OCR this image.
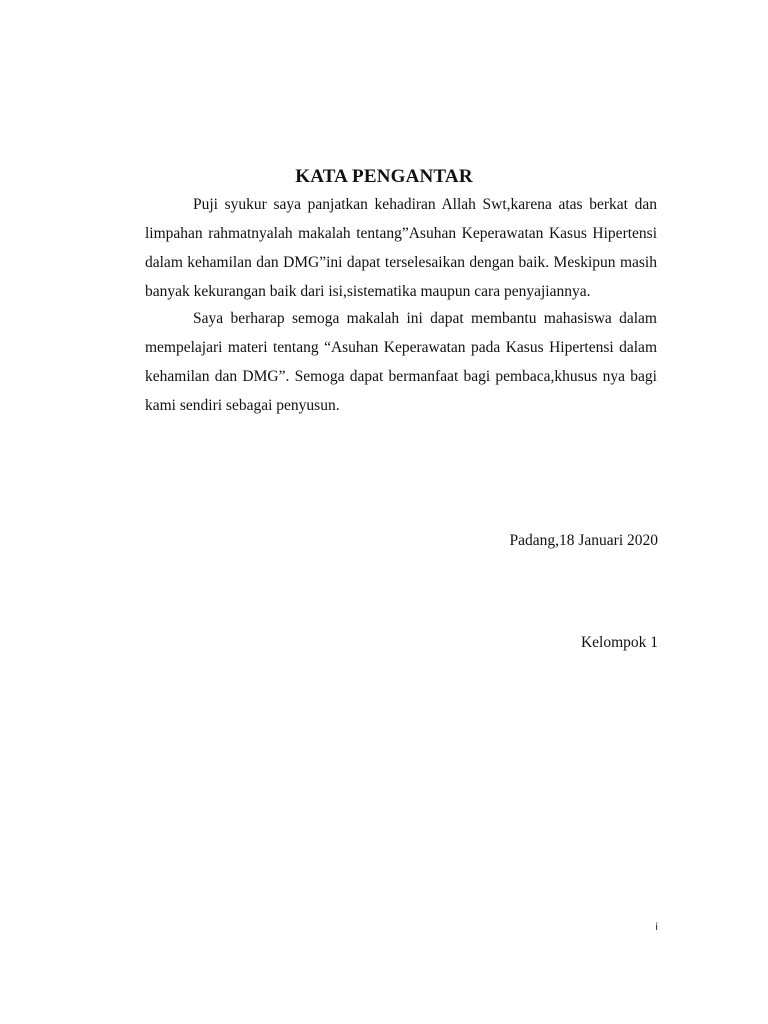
KATA PENGANTAR

Puji syukur saya panjatkan kehadiran Allah Swt,karena atas berkat dan limpahan rahmatnyalah makalah tentang”Asuhan Keperawatan Kasus Hipertensi dalam kehamilan dan DMG”ini dapat terselesaikan dengan baik. Meskipun masih banyak kekurangan baik dari isi,sistematika maupun cara penyajiannya.

Saya berharap semoga makalah ini dapat membantu mahasiswa dalam mempelajari materi tentang “Asuhan Keperawatan pada Kasus Hipertensi dalam kehamilan dan DMG”. Semoga dapat bermanfaat bagi pembaca,khusus nya bagi kami sendiri sebagai penyusun.

Padang,18 Januari 2020
Kelompok 1
i
